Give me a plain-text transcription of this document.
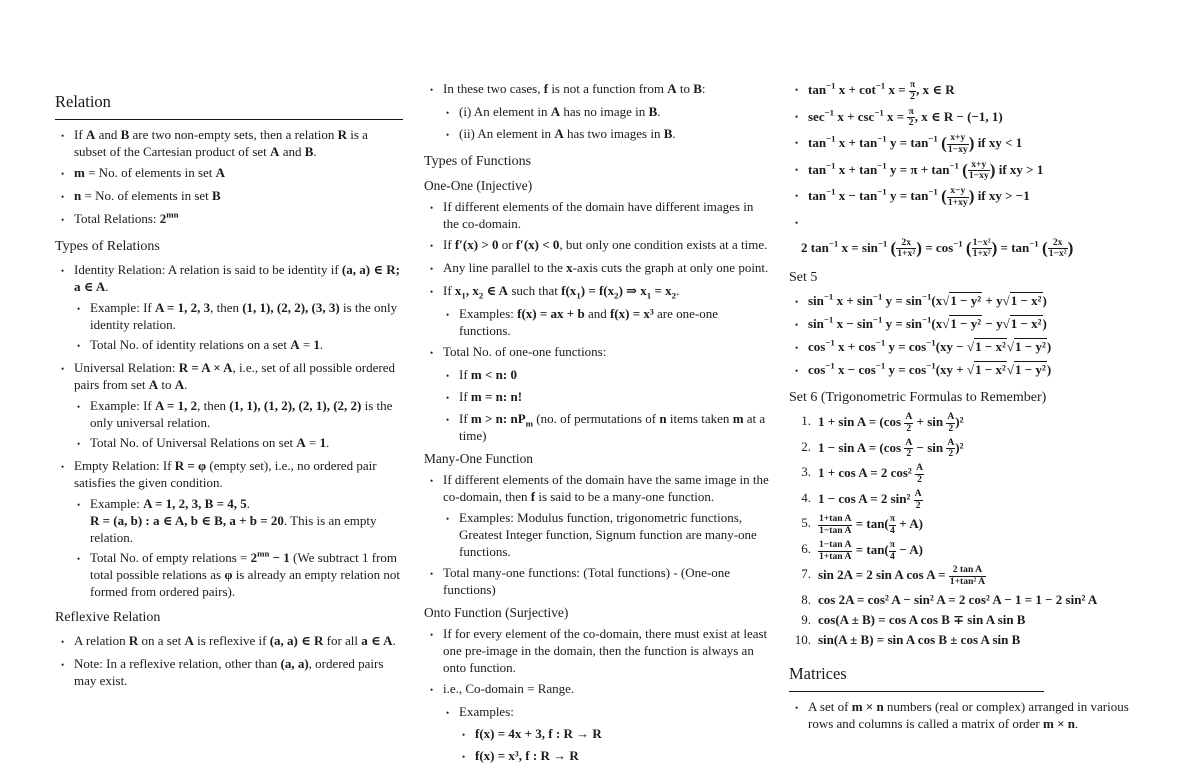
Relation
• If A and B are two non-empty sets, then a relation R is a subset of the Cartesian product of set A and B.
• m = No. of elements in set A
• n = No. of elements in set B
• Total Relations: $2^{mn}$
Types of Relations
• Identity Relation: A relation is said to be identity if (a, a) ∈ R; a ∈ A.
• Example: If A = 1, 2, 3, then (1, 1), (2, 2), (3, 3) is the only identity relation.
• Total No. of identity relations on a set A = 1.
• Universal Relation: R = A × A, i.e., set of all possible ordered pairs from set A to A.
• Example: If A = 1, 2, then (1, 1), (1, 2), (2, 1), (2, 2) is the only universal relation.
• Total No. of Universal Relations on set A = 1.
• Empty Relation: If R = φ (empty set), i.e., no ordered pair satisfies the given condition.
• Example: A = 1, 2, 3, B = 4, 5.
R = (a, b) : a ∈ A, b ∈ B, a + b = 20. This is an empty relation.
• Total No. of empty relations = $2^{mn} - 1$ (We subtract 1 from total possible relations as φ is already an empty relation not formed from ordered pairs).
Reflexive Relation
• A relation R on a set A is reflexive if (a, a) ∈ R for all a ∈ A.
• Note: In a reflexive relation, other than (a, a), ordered pairs may exist.
• In these two cases, f is not a function from A to B:
• (i) An element in A has no image in B.
• (ii) An element in A has two images in B.
Types of Functions
One-One (Injective)
• If different elements of the domain have different images in the co-domain.
• If f′(x) > 0 or f′(x) < 0, but only one condition exists at a time.
• Any line parallel to the x-axis cuts the graph at only one point.
• If $x_1$, $x_2$ ∈ A such that $f(x_1) = f(x_2)$ ⇒ $x_1 = x_2$.
• Examples: f(x) = ax + b and f(x) = x³ are one-one functions.
• Total No. of one-one functions:
• If m < n: 0
• If m = n: n!
• If m > n: $nP_m$ (no. of permutations of n items taken m at a time)
Many-One Function
• If different elements of the domain have the same image in the co-domain, then f is said to be a many-one function.
• Examples: Modulus function, trigonometric functions, Greatest Integer function, Signum function are many-one functions.
• Total many-one functions: (Total functions) - (One-one functions)
Onto Function (Surjective)
• If for every element of the co-domain, there must exist at least one pre-image in the domain, then the function is always an onto function.
• i.e., Co-domain = Range.
• Examples:
• f(x) = 4x + 3, f : R → R
• f(x) = x³, f : R → R
• $\tan^{-1} x + \cot^{-1} x = \frac{\pi}{2}$ , x ∈ R
• $\sec^{-1} x + \csc^{-1} x = \frac{\pi}{2}$ , x ∈ R − (−1, 1)
• $\tan^{-1} x + \tan^{-1} y = \tan^{-1}$ ( $\frac{x+y}{1-xy}$ ) if xy < 1
• $\tan^{-1} x + \tan^{-1} y = \pi + \tan^{-1}$ ( $\frac{x+y}{1-xy}$ ) if xy > 1
• $\tan^{-1} x - \tan^{-1} y = \tan^{-1}$ ( $\frac{x-y}{1+xy}$ ) if xy > −1
•
2 $\tan^{-1} x = \sin^{-1}$ ( $\frac{2x}{\text{1+x²}}$ ) = $\cos^{-1}$ ( $\frac{\text{1−x²}}{\text{1+x²}}$ ) = $\tan^{-1}$ ( $\frac{2x}{\text{1−x²}}$ )
Set 5
• $\sin^{-1} x + \sin^{-1} y = \sin^{-1}(x√1 - y^2 + y√1 - x^2)$
• $\sin^{-1} x - \sin^{-1} y = \sin^{-1}(x√1 - y^2 - y√1 - x^2)$
• $\cos^{-1} x + \cos^{-1} y = \cos^{-1}(xy - √1 - x^2√1 - y^2)$
• $\cos^{-1} x - \cos^{-1} y = \cos^{-1}(xy + √1 - x^2√1 - y^2)$
Set 6 (Trigonometric Formulas to Remember)
1. $1 + \sin A = (\cos \frac{A}{2} + \sin \frac{A}{2} )^2$
2. $1 - \sin A = (\cos \frac{A}{2} - \sin \frac{A}{2} )^2$
3. 1 + cos A = 2 $\cos^2 \frac{A}{2}$
4. 1 − cos A = 2 $\sin^2 \frac{A}{2}$
5. $\frac{\text{1+tan A}}{\text{1−tan A}} = \tan( \frac{\pi}{4} + A)$
6. $\frac{\text{1−tan A}}{\text{1+tan A}} = \tan( \frac{\pi}{4} - A)$
7. sin 2A = 2 sin A $\cos A = \frac{\text{2 tan A}}{\text{1+tan² A}}$
8. cos 2A = cos² A − sin² A = 2 cos² A − 1 = 1 − 2 sin² A
9. cos(A ± B) = cos A cos B ∓ sin A sin B
10. sin(A ± B) = sin A cos B ± cos A sin B
Matrices
• A set of m × n numbers (real or complex) arranged in various rows and columns is called a matrix of order m × n.
